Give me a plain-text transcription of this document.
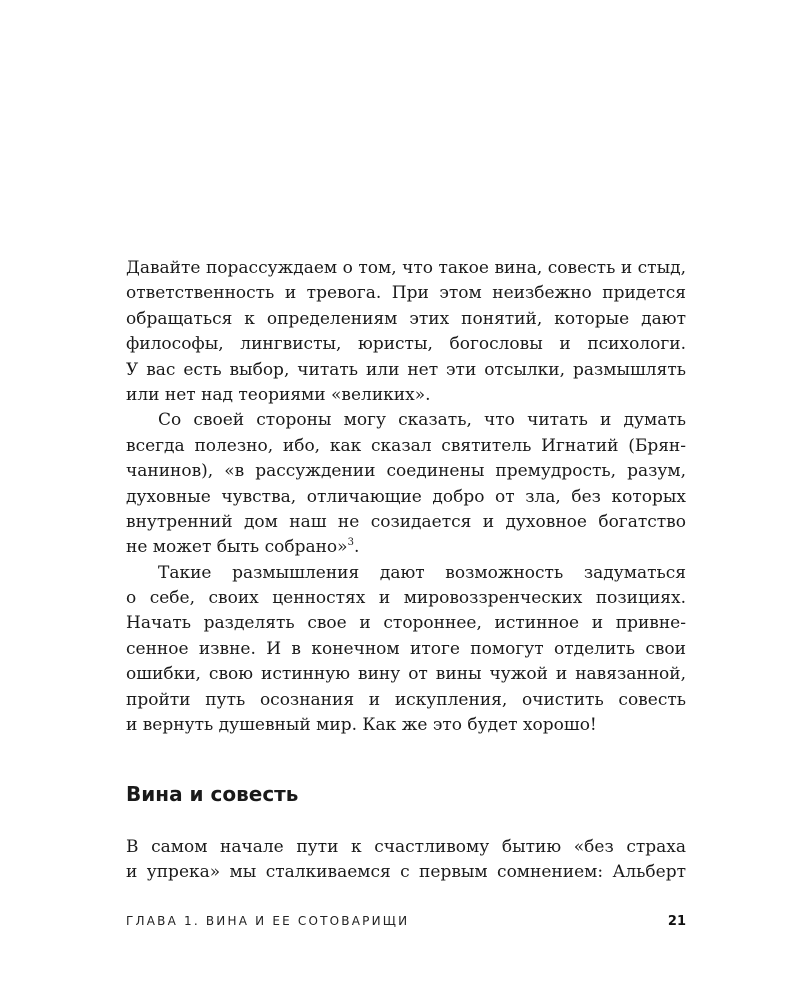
Давайте порассуждаем о том, что такое вина, совесть и стыд,
ответственность и тревога. При этом неизбежно придется
обращаться к определениям этих понятий, которые дают
философы, лингвисты, юристы, богословы и психологи.
У вас есть выбор, читать или нет эти отсылки, размышлять
или нет над теориями «великих».
Со своей стороны могу сказать, что читать и думать
всегда полезно, ибо, как сказал святитель Игнатий (Брян-
чанинов), «в рассуждении соединены премудрость, разум,
духовные чувства, отличающие добро от зла, без которых
внутренний дом наш не созидается и духовное богатство
не может быть собрано»$^3$.
Такие размышления дают возможность задуматься
о себе, своих ценностях и мировоззренческих позициях.
Начать разделять свое и стороннее, истинное и привне-
сенное извне. И в конечном итоге помогут отделить свои
ошибки, свою истинную вину от вины чужой и навязанной,
пройти путь осознания и искупления, очистить совесть
и вернуть душевный мир. Как же это будет хорошо!
Вина и совесть
В самом начале пути к счастливому бытию «без страха
и упрека» мы сталкиваемся с первым сомнением: Альберт
ГЛАВА 1. ВИНА И ЕЕ СОТОВАРИЩИ	21
